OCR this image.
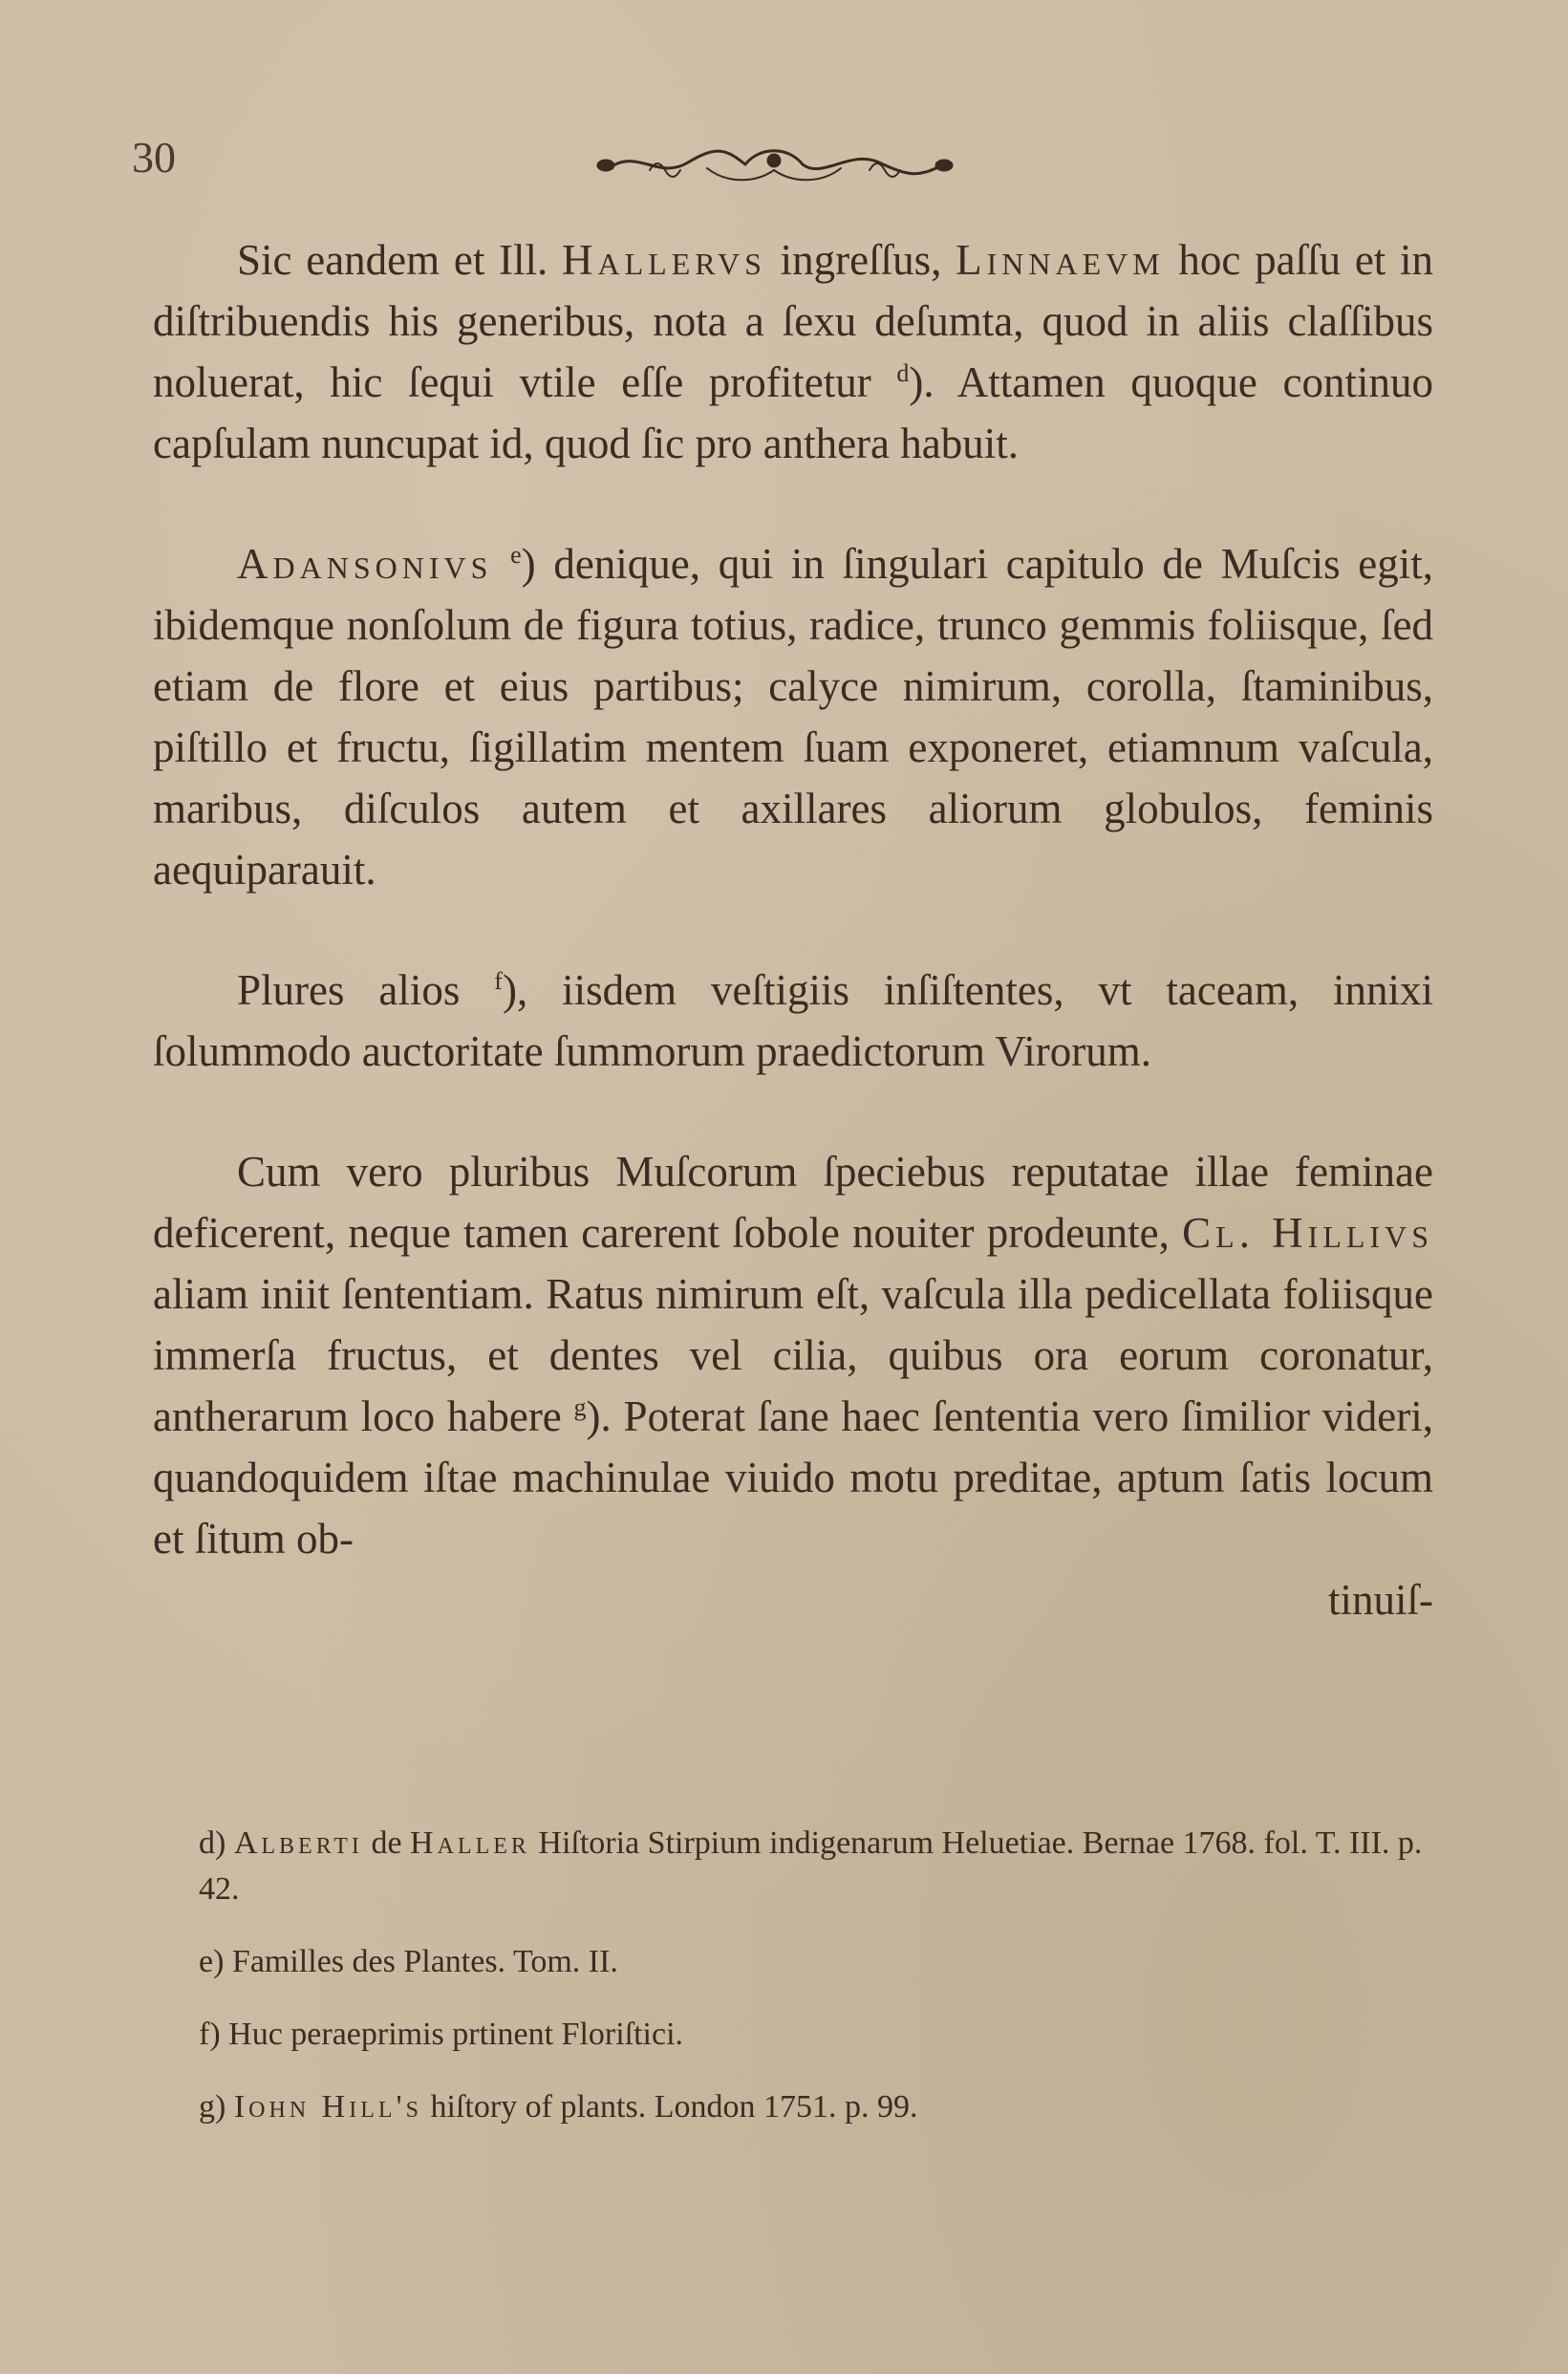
30

Sic eandem et Ill. Hallervs ingreſſus, Linnaevm hoc paſſu et in diſtribuendis his generibus, nota a ſexu deſumta, quod in aliis claſſibus noluerat, hic ſequi vtile eſſe profitetur $^d$). Attamen quoque continuo capſulam nuncupat id, quod ſic pro anthera habuit.

Adansonivs $^e$) denique, qui in ſingulari capitulo de Muſcis egit, ibidemque nonſolum de figura totius, radice, trunco gemmis foliisque, ſed etiam de flore et eius partibus; calyce nimirum, corolla, ſtaminibus, piſtillo et fructu, ſigillatim mentem ſuam exponeret, etiamnum vaſcula, maribus, diſculos autem et axillares aliorum globulos, feminis aequiparauit.

Plures alios $^f$), iisdem veſtigiis inſiſtentes, vt taceam, innixi ſolummodo auctoritate ſummorum praedictorum Virorum.

Cum vero pluribus Muſcorum ſpeciebus reputatae illae feminae deficerent, neque tamen carerent ſobole nouiter prodeunte, Cl. Hillivs aliam iniit ſententiam. Ratus nimirum eſt, vaſcula illa pedicellata foliisque immerſa fructus, et dentes vel cilia, quibus ora eorum coronatur, antherarum loco habere $^g$). Poterat ſane haec ſententia vero ſimilior videri, quandoquidem iſtae machinulae viuido motu preditae, aptum ſatis locum et ſitum ob-

tinuiſ-

d) Alberti de Haller Hiſtoria Stirpium indigenarum Heluetiae. Bernae 1768. fol. T. III. p. 42.

e) Familles des Plantes. Tom. II.

f) Huc peraeprimis prtinent Floriſtici.

g) Iohn Hill's hiſtory of plants. London 1751. p. 99.
